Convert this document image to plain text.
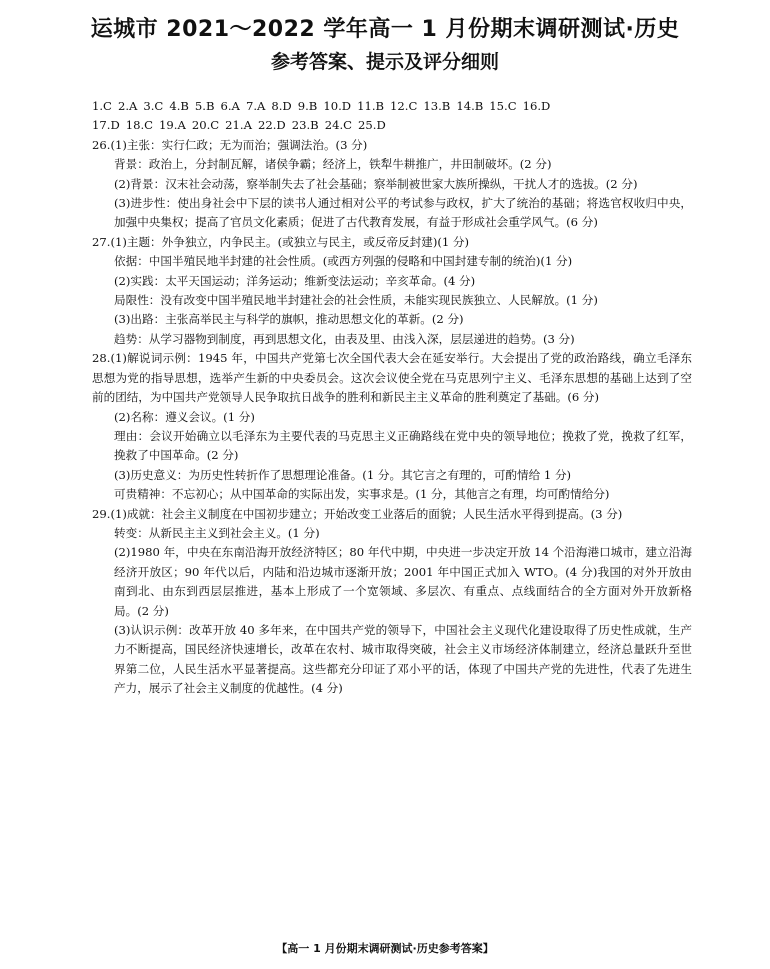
运城市 2021～2022 学年高一 1 月份期末调研测试·历史
参考答案、提示及评分细则
1.C 2.A 3.C 4.B 5.B 6.A 7.A 8.D 9.B 10.D 11.B 12.C 13.B 14.B 15.C 16.D
17.D 18.C 19.A 20.C 21.A 22.D 23.B 24.C 25.D
26.(1)主张：实行仁政；无为而治；强调法治。(3 分)
背景：政治上，分封制瓦解，诸侯争霸；经济上，铁犁牛耕推广，井田制破坏。(2 分)
(2)背景：汉末社会动荡，察举制失去了社会基础；察举制被世家大族所操纵，干扰人才的选拔。(2 分)
(3)进步性：使出身社会中下层的读书人通过相对公平的考试参与政权，扩大了统治的基础；将选官权收归中央，加强中央集权；提高了官员文化素质；促进了古代教育发展，有益于形成社会重学风气。(6 分)
27.(1)主题：外争独立，内争民主。(或独立与民主，或反帝反封建)(1 分)
依据：中国半殖民地半封建的社会性质。(或西方列强的侵略和中国封建专制的统治)(1 分)
(2)实践：太平天国运动；洋务运动；维新变法运动；辛亥革命。(4 分)
局限性：没有改变中国半殖民地半封建社会的社会性质，未能实现民族独立、人民解放。(1 分)
(3)出路：主张高举民主与科学的旗帜，推动思想文化的革新。(2 分)
趋势：从学习器物到制度，再到思想文化，由表及里、由浅入深，层层递进的趋势。(3 分)
28.(1)解说词示例：1945 年，中国共产党第七次全国代表大会在延安举行。大会提出了党的政治路线，确立毛泽东思想为党的指导思想，选举产生新的中央委员会。这次会议使全党在马克思列宁主义、毛泽东思想的基础上达到了空前的团结，为中国共产党领导人民争取抗日战争的胜利和新民主主义革命的胜利奠定了基础。(6 分)
(2)名称：遵义会议。(1 分)
理由：会议开始确立以毛泽东为主要代表的马克思主义正确路线在党中央的领导地位；挽救了党，挽救了红军，挽救了中国革命。(2 分)
(3)历史意义：为历史性转折作了思想理论准备。(1 分。其它言之有理的，可酌情给 1 分)
可贵精神：不忘初心；从中国革命的实际出发，实事求是。(1 分，其他言之有理，均可酌情给分)
29.(1)成就：社会主义制度在中国初步建立；开始改变工业落后的面貌；人民生活水平得到提高。(3 分)
转变：从新民主主义到社会主义。(1 分)
(2)1980 年，中央在东南沿海开放经济特区；80 年代中期，中央进一步决定开放 14 个沿海港口城市，建立沿海经济开放区；90 年代以后，内陆和沿边城市逐渐开放；2001 年中国正式加入 WTO。(4 分)我国的对外开放由南到北、由东到西层层推进，基本上形成了一个宽领域、多层次、有重点、点线面结合的全方面对外开放新格局。(2 分)
(3)认识示例：改革开放 40 多年来，在中国共产党的领导下，中国社会主义现代化建设取得了历史性成就，生产力不断提高，国民经济快速增长，改革在农村、城市取得突破，社会主义市场经济体制建立，经济总量跃升至世界第二位，人民生活水平显著提高。这些都充分印证了邓小平的话，体现了中国共产党的先进性，代表了先进生产力，展示了社会主义制度的优越性。(4 分)
【高一 1 月份期末调研测试·历史参考答案】
